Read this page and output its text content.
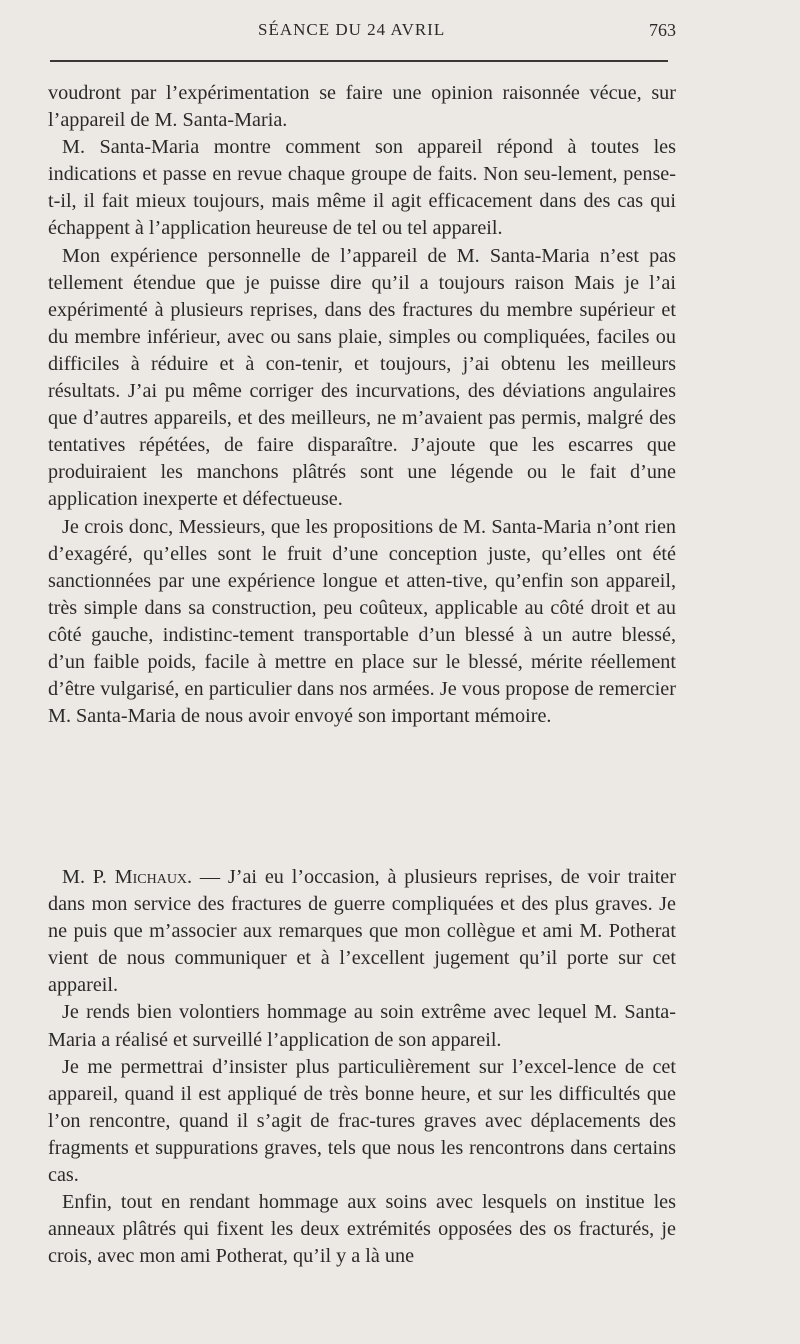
SÉANCE DU 24 AVRIL	763

voudront par l’expérimentation se faire une opinion raisonnée vécue, sur l’appareil de M. Santa-Maria.

M. Santa-Maria montre comment son appareil répond à toutes les indications et passe en revue chaque groupe de faits. Non seu-lement, pense-t-il, il fait mieux toujours, mais même il agit efficacement dans des cas qui échappent à l’application heureuse de tel ou tel appareil.

Mon expérience personnelle de l’appareil de M. Santa-Maria n’est pas tellement étendue que je puisse dire qu’il a toujours raison Mais je l’ai expérimenté à plusieurs reprises, dans des fractures du membre supérieur et du membre inférieur, avec ou sans plaie, simples ou compliquées, faciles ou difficiles à réduire et à con-tenir, et toujours, j’ai obtenu les meilleurs résultats. J’ai pu même corriger des incurvations, des déviations angulaires que d’autres appareils, et des meilleurs, ne m’avaient pas permis, malgré des tentatives répétées, de faire disparaître. J’ajoute que les escarres que produiraient les manchons plâtrés sont une légende ou le fait d’une application inexperte et défectueuse.

Je crois donc, Messieurs, que les propositions de M. Santa-Maria n’ont rien d’exagéré, qu’elles sont le fruit d’une conception juste, qu’elles ont été sanctionnées par une expérience longue et atten-tive, qu’enfin son appareil, très simple dans sa construction, peu coûteux, applicable au côté droit et au côté gauche, indistinc-tement transportable d’un blessé à un autre blessé, d’un faible poids, facile à mettre en place sur le blessé, mérite réellement d’être vulgarisé, en particulier dans nos armées. Je vous propose de remercier M. Santa-Maria de nous avoir envoyé son important mémoire.

M. P. Michaux. — J’ai eu l’occasion, à plusieurs reprises, de voir traiter dans mon service des fractures de guerre compliquées et des plus graves. Je ne puis que m’associer aux remarques que mon collègue et ami M. Potherat vient de nous communiquer et à l’excellent jugement qu’il porte sur cet appareil.

Je rends bien volontiers hommage au soin extrême avec lequel M. Santa-Maria a réalisé et surveillé l’application de son appareil.

Je me permettrai d’insister plus particulièrement sur l’excel-lence de cet appareil, quand il est appliqué de très bonne heure, et sur les difficultés que l’on rencontre, quand il s’agit de frac-tures graves avec déplacements des fragments et suppurations graves, tels que nous les rencontrons dans certains cas.

Enfin, tout en rendant hommage aux soins avec lesquels on institue les anneaux plâtrés qui fixent les deux extrémités opposées des os fracturés, je crois, avec mon ami Potherat, qu’il y a là une
